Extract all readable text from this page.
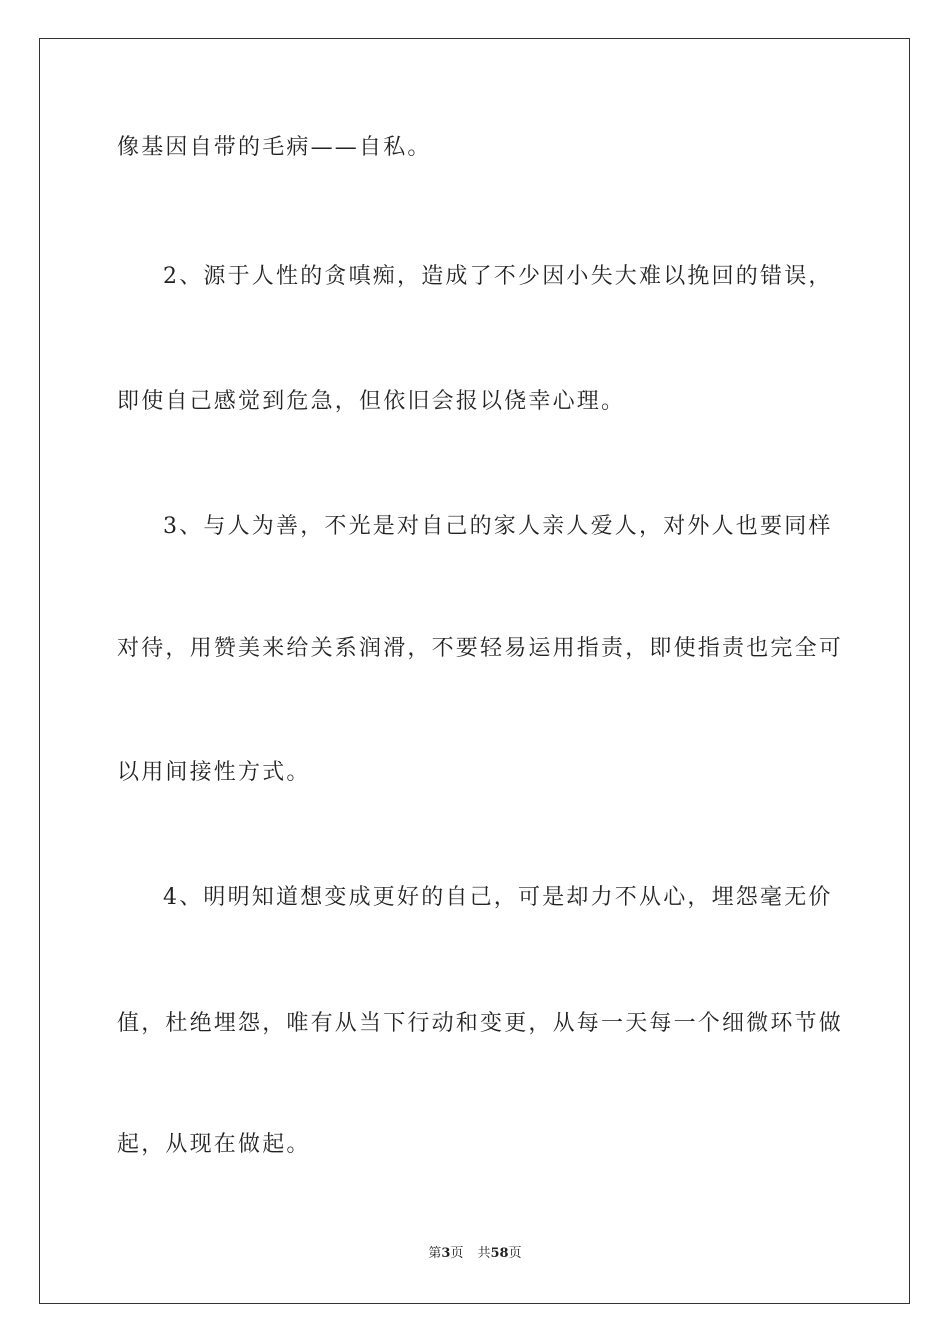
像基因自带的毛病——自私。
2、源于人性的贪嗔痴，造成了不少因小失大难以挽回的错误，
即使自己感觉到危急，但依旧会报以侥幸心理。
3、与人为善，不光是对自己的家人亲人爱人，对外人也要同样
对待，用赞美来给关系润滑，不要轻易运用指责，即使指责也完全可
以用间接性方式。
4、明明知道想变成更好的自己，可是却力不从心，埋怨毫无价
值，杜绝埋怨，唯有从当下行动和变更，从每一天每一个细微环节做
起，从现在做起。
第3页 共58页
